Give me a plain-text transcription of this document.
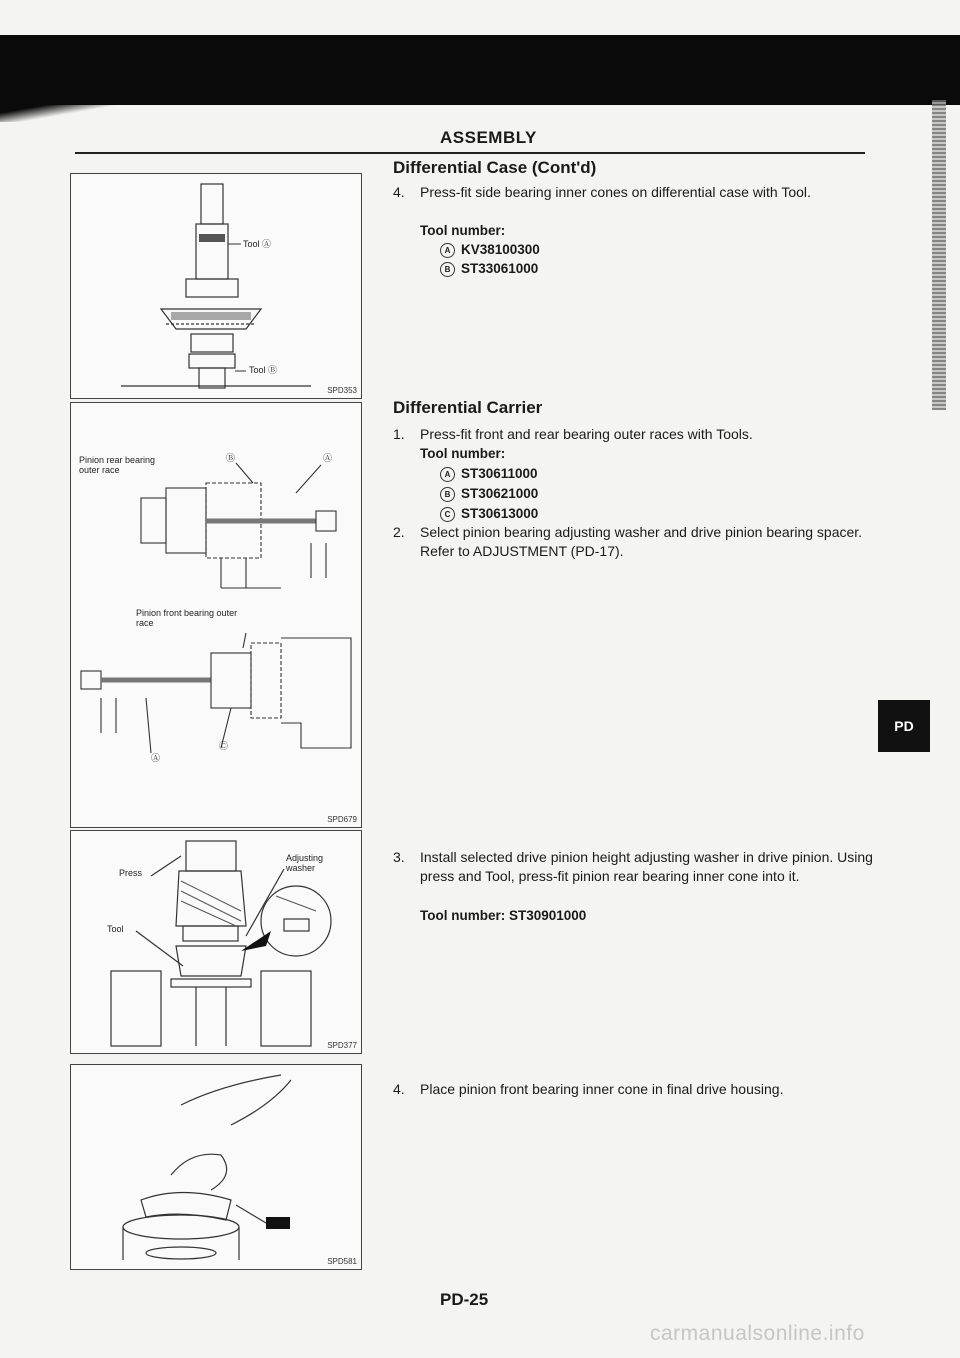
ASSEMBLY
Differential Case (Cont'd)
4. Press-fit side bearing inner cones on differential case with Tool.
Tool number:
A KV38100300
B ST33061000
Differential Carrier
1. Press-fit front and rear bearing outer races with Tools.
Tool number:
A ST30611000
B ST30621000
C ST30613000
2. Select pinion bearing adjusting washer and drive pinion bearing spacer. Refer to ADJUSTMENT (PD-17).
3. Install selected drive pinion height adjusting washer in drive pinion. Using press and Tool, press-fit pinion rear bearing inner cone into it.
Tool number: ST30901000
4. Place pinion front bearing inner cone in final drive housing.
Tool Ⓐ
Tool Ⓑ
SPD353
Pinion rear bearing outer race
Ⓑ	Ⓐ
Pinion front bearing outer race
Ⓐ
Ⓒ
SPD679
Press
Tool
Adjusting washer
SPD377
SPD581
PD
PD-25
carmanualsonline.info
